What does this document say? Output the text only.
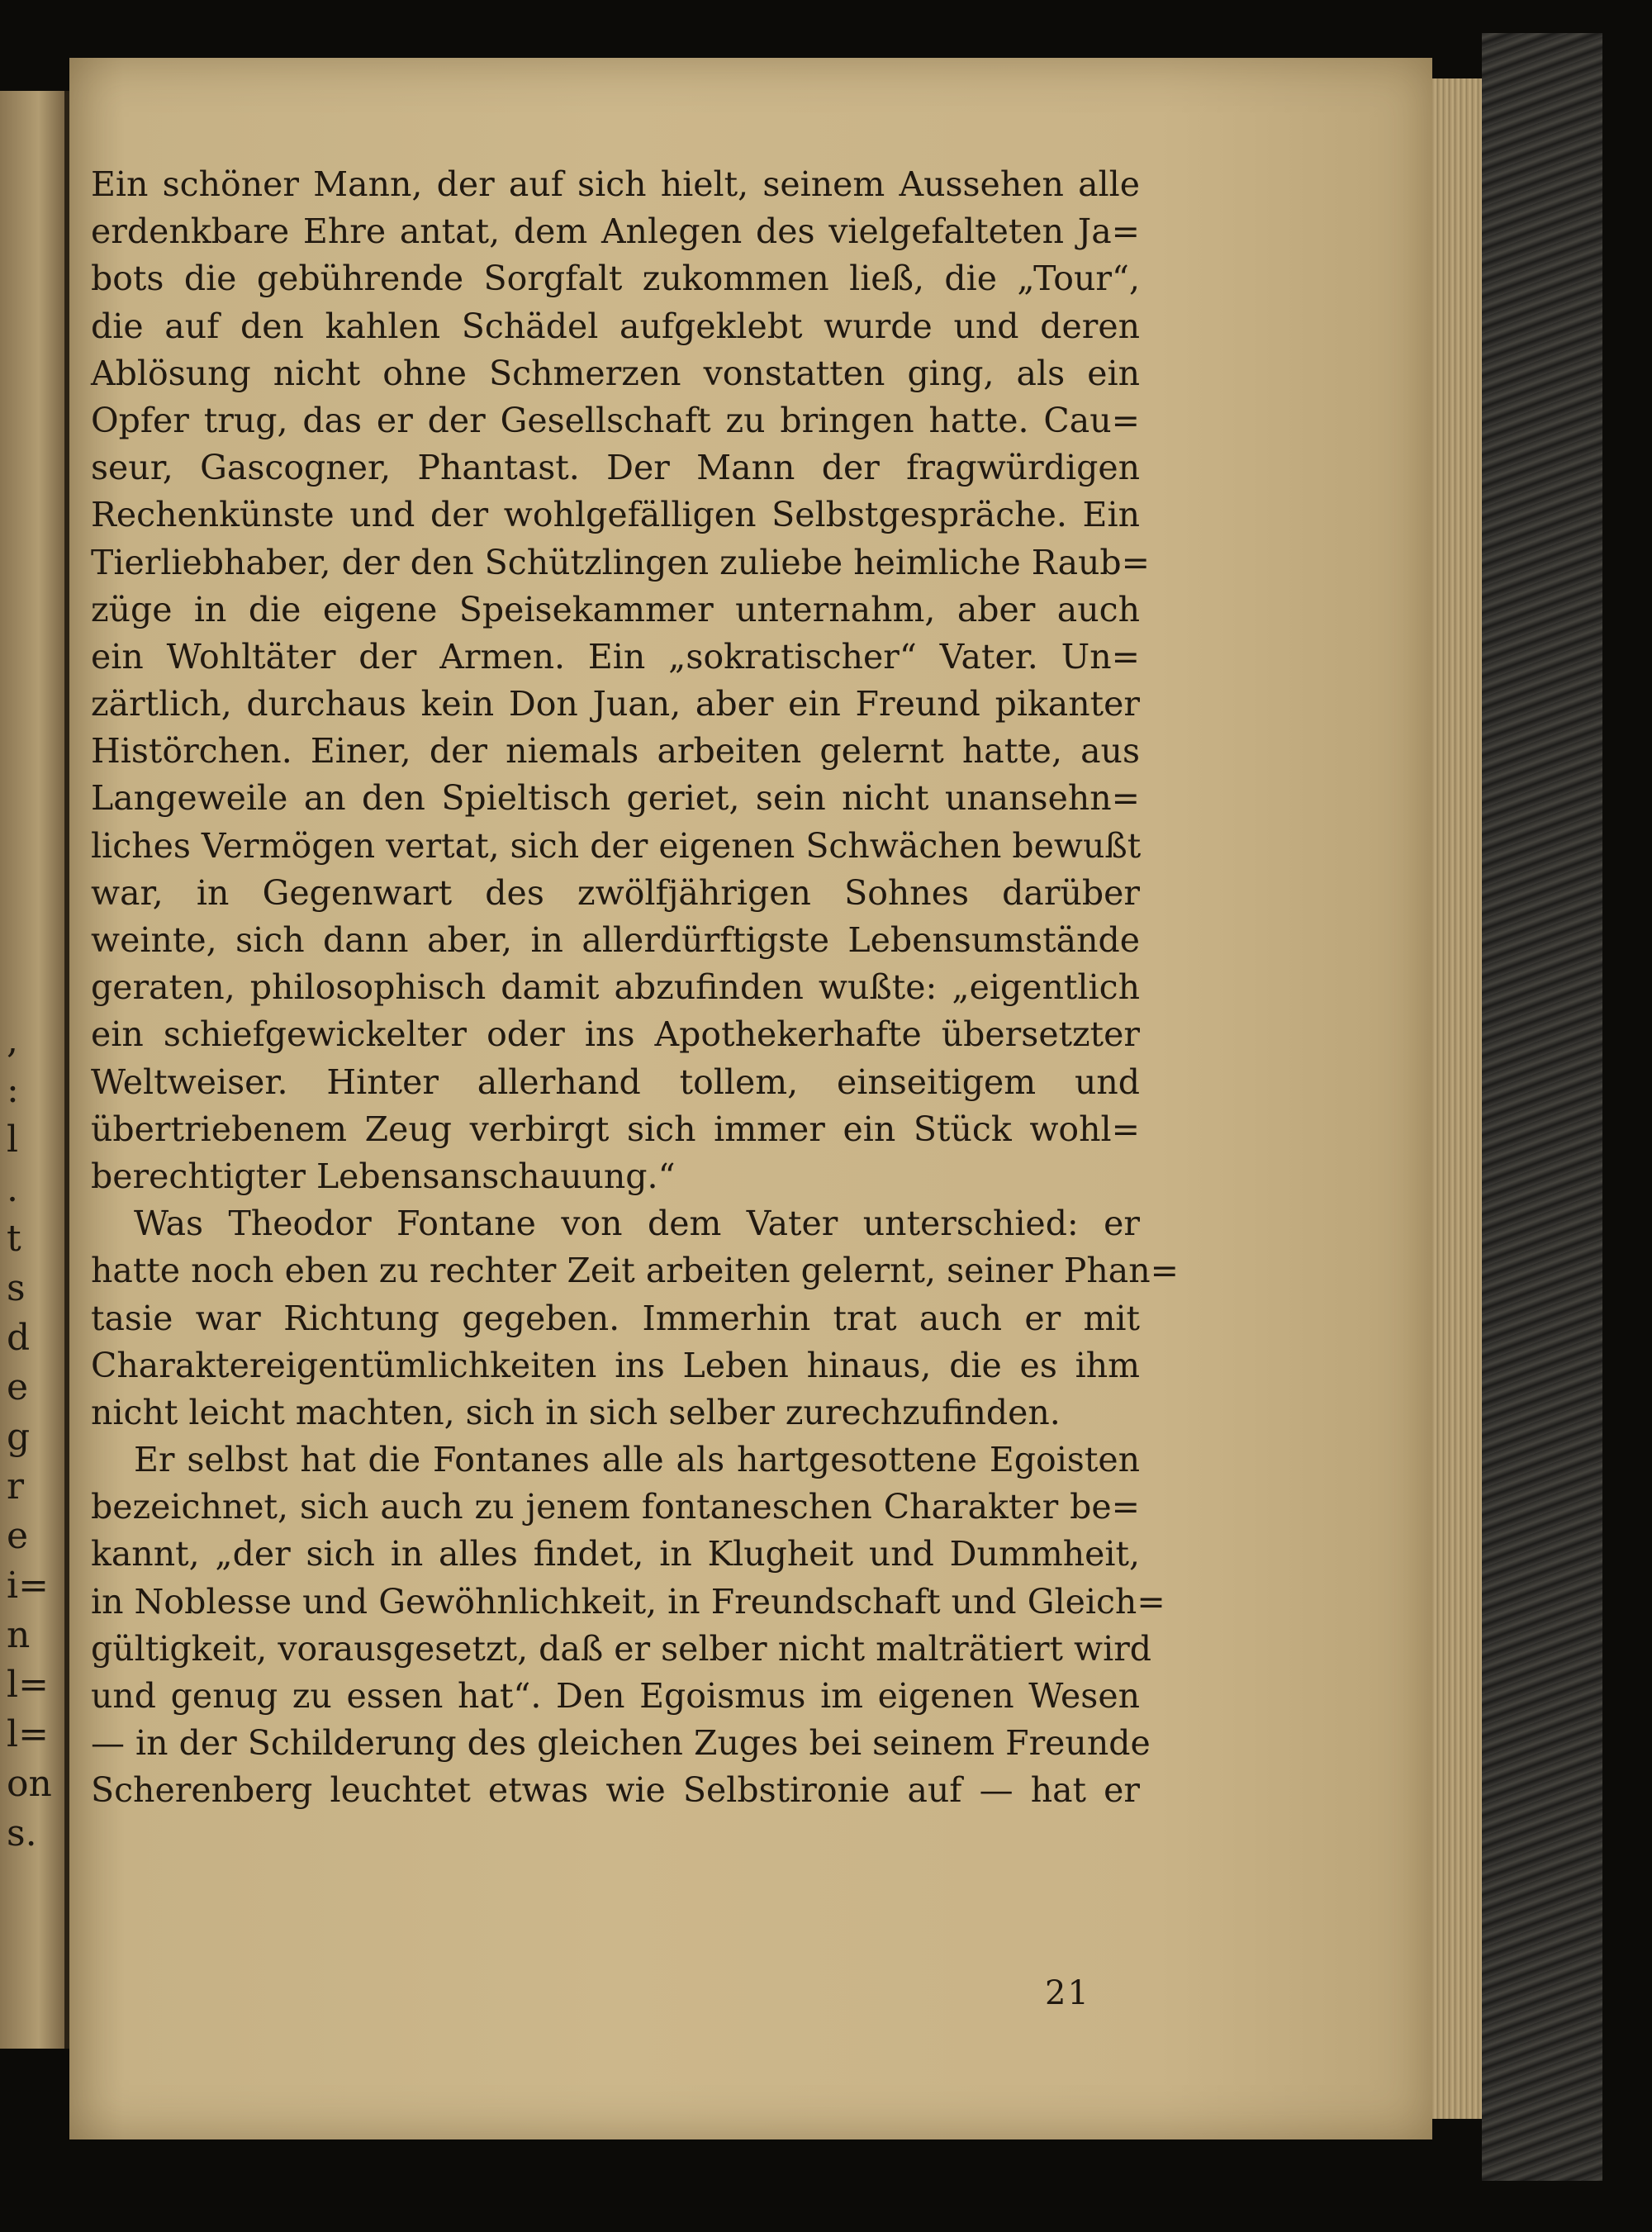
,
:
l
.
t
s
d
e
g
r
e
i=
n
l=
l=
on
s.
Ein schöner Mann, der auf sich hielt, seinem Aussehen alle
erdenkbare Ehre antat, dem Anlegen des vielgefalteten Ja=
bots die gebührende Sorgfalt zukommen ließ, die „Tour“,
die auf den kahlen Schädel aufgeklebt wurde und deren
Ablösung nicht ohne Schmerzen vonstatten ging, als ein
Opfer trug, das er der Gesellschaft zu bringen hatte. Cau=
seur, Gascogner, Phantast. Der Mann der fragwürdigen
Rechenkünste und der wohlgefälligen Selbstgespräche. Ein
Tierliebhaber, der den Schützlingen zuliebe heimliche Raub=
züge in die eigene Speisekammer unternahm, aber auch
ein Wohltäter der Armen. Ein „sokratischer“ Vater. Un=
zärtlich, durchaus kein Don Juan, aber ein Freund pikanter
Histörchen. Einer, der niemals arbeiten gelernt hatte, aus
Langeweile an den Spieltisch geriet, sein nicht unansehn=
liches Vermögen vertat, sich der eigenen Schwächen bewußt
war, in Gegenwart des zwölfjährigen Sohnes darüber
weinte, sich dann aber, in allerdürftigste Lebensumstände
geraten, philosophisch damit abzufinden wußte: „eigentlich
ein schiefgewickelter oder ins Apothekerhafte übersetzter
Weltweiser. Hinter allerhand tollem, einseitigem und
übertriebenem Zeug verbirgt sich immer ein Stück wohl=
berechtigter Lebensanschauung.“
Was Theodor Fontane von dem Vater unterschied: er
hatte noch eben zu rechter Zeit arbeiten gelernt, seiner Phan=
tasie war Richtung gegeben. Immerhin trat auch er mit
Charaktereigentümlichkeiten ins Leben hinaus, die es ihm
nicht leicht machten, sich in sich selber zurechzufinden.
Er selbst hat die Fontanes alle als hartgesottene Egoisten
bezeichnet, sich auch zu jenem fontaneschen Charakter be=
kannt, „der sich in alles findet, in Klugheit und Dummheit,
in Noblesse und Gewöhnlichkeit, in Freundschaft und Gleich=
gültigkeit, vorausgesetzt, daß er selber nicht malträtiert wird
und genug zu essen hat“. Den Egoismus im eigenen Wesen
— in der Schilderung des gleichen Zuges bei seinem Freunde
Scherenberg leuchtet etwas wie Selbstironie auf — hat er
21
